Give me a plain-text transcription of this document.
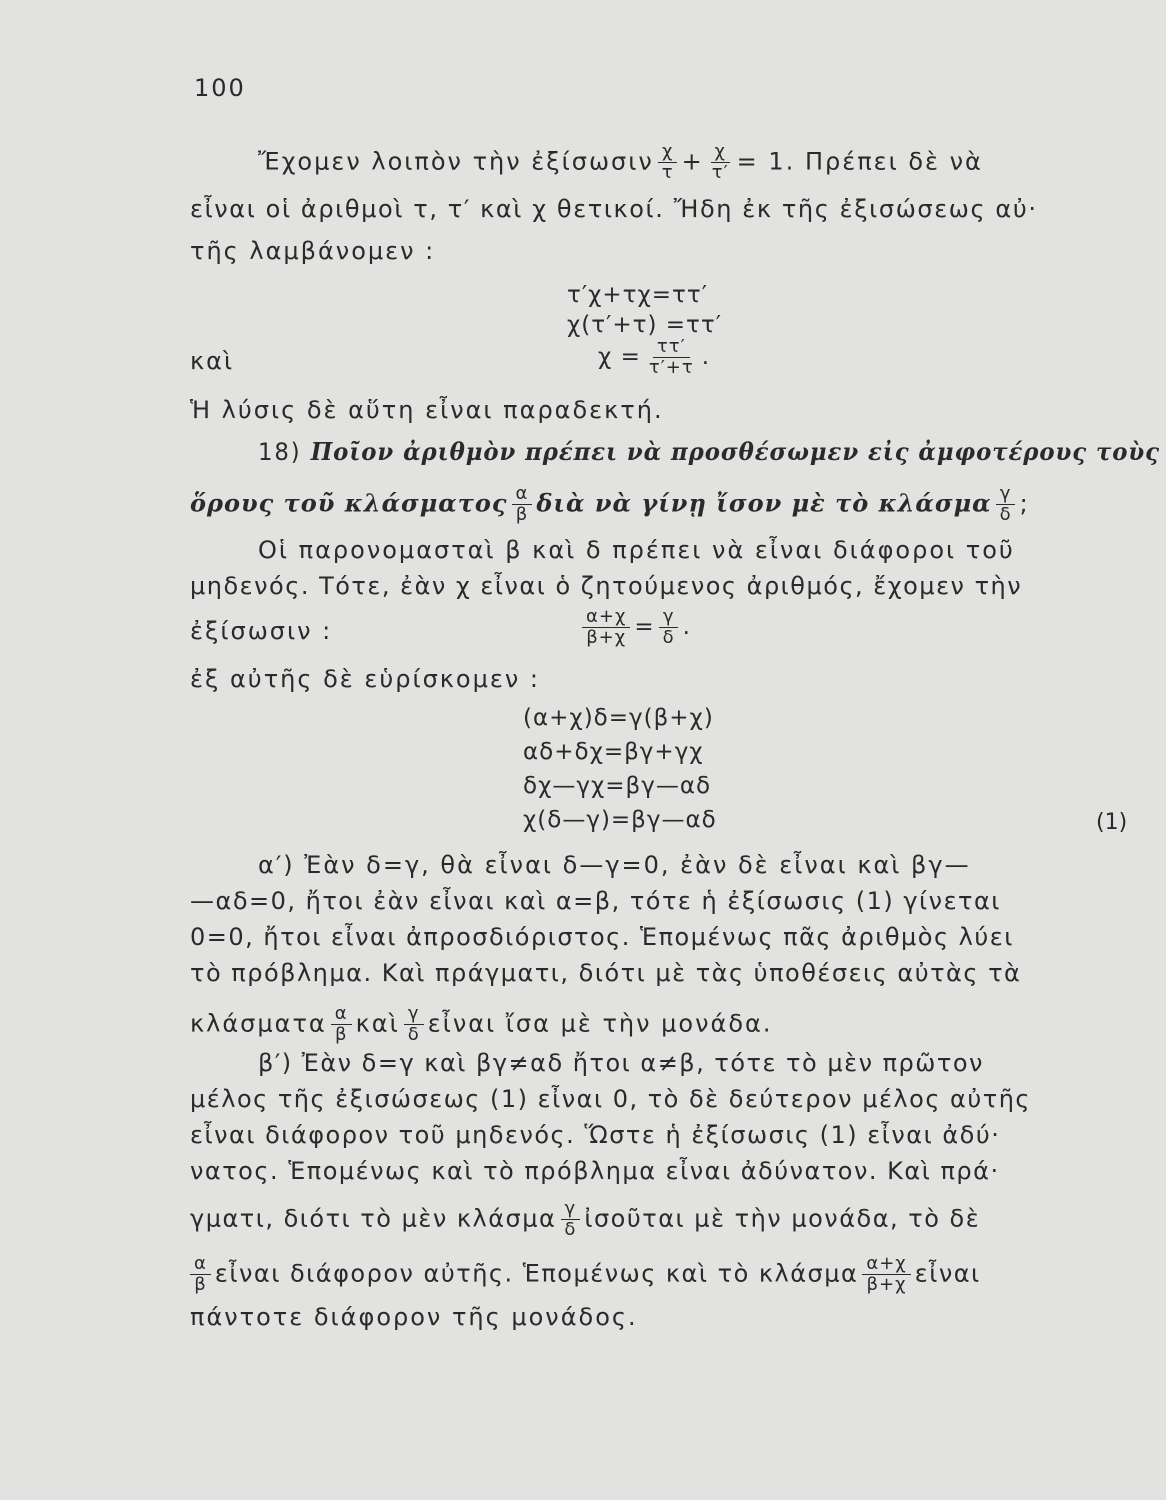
100
Ἔχομεν λοιπὸν τὴν ἐξίσωσιν $\frac{\chi}{\tau} + \frac{\chi}{\tau'} = 1$. Πρέπει δὲ νὰ
εἶναι οἱ ἀριθμοὶ τ, τ′ καὶ χ θετικοί. Ἤδη ἐκ τῆς ἐξισώσεως αὐ·
τῆς λαμβάνομεν :
τ′χ+τχ=ττ′
χ(τ′+τ) =ττ′
καὶ	$\chi = \frac{\tau\tau'}{\tau'+\tau}$ .
Ἡ λύσις δὲ αὕτη εἶναι παραδεκτή.
18) Ποῖον ἀριθμὸν πρέπει νὰ προσθέσωμεν εἰς ἀμφοτέρους τοὺς
ὅρους τοῦ κλάσματος $\frac{\alpha}{\beta}$ διὰ νὰ γίνῃ ἴσον μὲ τὸ κλάσμα $\frac{\gamma}{\delta}$ ;
Οἱ παρονομασταὶ β καὶ δ πρέπει νὰ εἶναι διάφοροι τοῦ
μηδενός. Τότε, ἐὰν χ εἶναι ὁ ζητούμενος ἀριθμός, ἔχομεν τὴν
ἐξίσωσιν :	$\frac{\alpha+\chi}{\beta+\chi} = \frac{\gamma}{\delta}$ .
ἐξ αὐτῆς δὲ εὑρίσκομεν :
(α+χ)δ=γ(β+χ)
αδ+δχ=βγ+γχ
δχ—γχ=βγ—αδ
χ(δ—γ)=βγ—αδ	(1)
α′) Ἐὰν δ=γ, θὰ εἶναι δ—γ=0, ἐὰν δὲ εἶναι καὶ βγ—
—αδ=0, ἤτοι ἐὰν εἶναι καὶ α=β, τότε ἡ ἐξίσωσις (1) γίνεται
0=0, ἤτοι εἶναι ἀπροσδιόριστος. Ἑπομένως πᾶς ἀριθμὸς λύει
τὸ πρόβλημα. Καὶ πράγματι, διότι μὲ τὰς ὑποθέσεις αὐτὰς τὰ
κλάσματα $\frac{\alpha}{\beta}$ καὶ $\frac{\gamma}{\delta}$ εἶναι ἴσα μὲ τὴν μονάδα.
β′) Ἐὰν δ=γ καὶ βγ≠αδ ἤτοι α≠β, τότε τὸ μὲν πρῶτον
μέλος τῆς ἐξισώσεως (1) εἶναι 0, τὸ δὲ δεύτερον μέλος αὐτῆς
εἶναι διάφορον τοῦ μηδενός. Ὥστε ἡ ἐξίσωσις (1) εἶναι ἀδύ·
νατος. Ἑπομένως καὶ τὸ πρόβλημα εἶναι ἀδύνατον. Καὶ πρά·
γματι, διότι τὸ μὲν κλάσμα $\frac{\gamma}{\delta}$ ἰσοῦται μὲ τὴν μονάδα, τὸ δὲ
$\frac{\alpha}{\beta}$ εἶναι διάφορον αὐτῆς. Ἑπομένως καὶ τὸ κλάσμα $\frac{\alpha+\chi}{\beta+\chi}$ εἶναι
πάντοτε διάφορον τῆς μονάδος.
